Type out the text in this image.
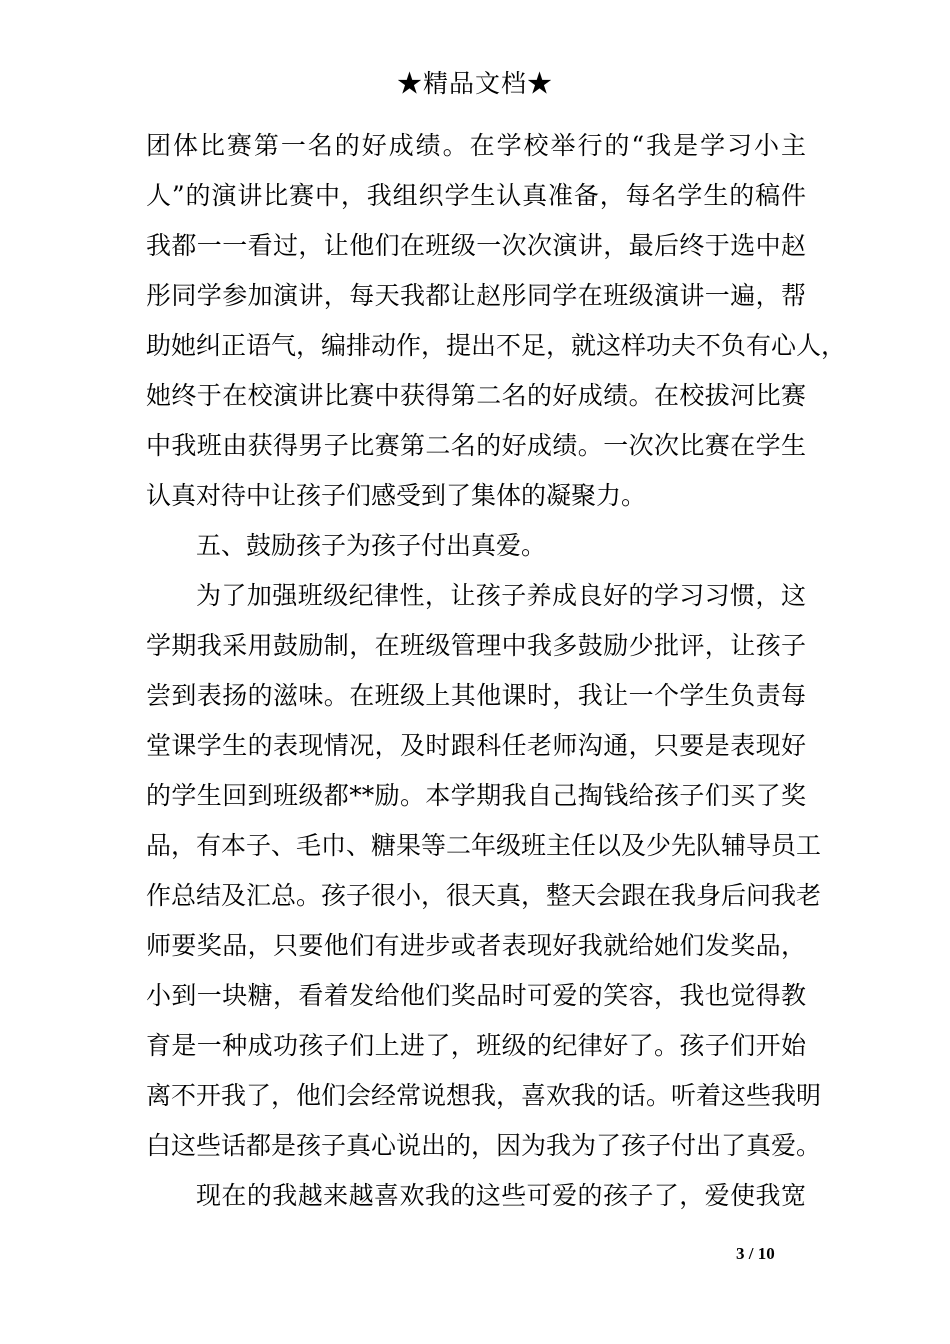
★精品文档★
团体比赛第一名的好成绩。在学校举行的“我是学习小主
人”的演讲比赛中，我组织学生认真准备，每名学生的稿件
我都一一看过，让他们在班级一次次演讲，最后终于选中赵
彤同学参加演讲，每天我都让赵彤同学在班级演讲一遍，帮
助她纠正语气，编排动作，提出不足，就这样功夫不负有心人，
她终于在校演讲比赛中获得第二名的好成绩。在校拔河比赛
中我班由获得男子比赛第二名的好成绩。一次次比赛在学生
认真对待中让孩子们感受到了集体的凝聚力。
五、鼓励孩子为孩子付出真爱。
为了加强班级纪律性，让孩子养成良好的学习习惯，这
学期我采用鼓励制，在班级管理中我多鼓励少批评，让孩子
尝到表扬的滋味。在班级上其他课时，我让一个学生负责每
堂课学生的表现情况，及时跟科任老师沟通，只要是表现好
的学生回到班级都**励。本学期我自己掏钱给孩子们买了奖
品，有本子、毛巾、糖果等二年级班主任以及少先队辅导员工
作总结及汇总。孩子很小，很天真，整天会跟在我身后问我老
师要奖品，只要他们有进步或者表现好我就给她们发奖品，
小到一块糖，看着发给他们奖品时可爱的笑容，我也觉得教
育是一种成功孩子们上进了，班级的纪律好了。孩子们开始
离不开我了，他们会经常说想我，喜欢我的话。听着这些我明
白这些话都是孩子真心说出的，因为我为了孩子付出了真爱。
现在的我越来越喜欢我的这些可爱的孩子了，爱使我宽
3 / 10
